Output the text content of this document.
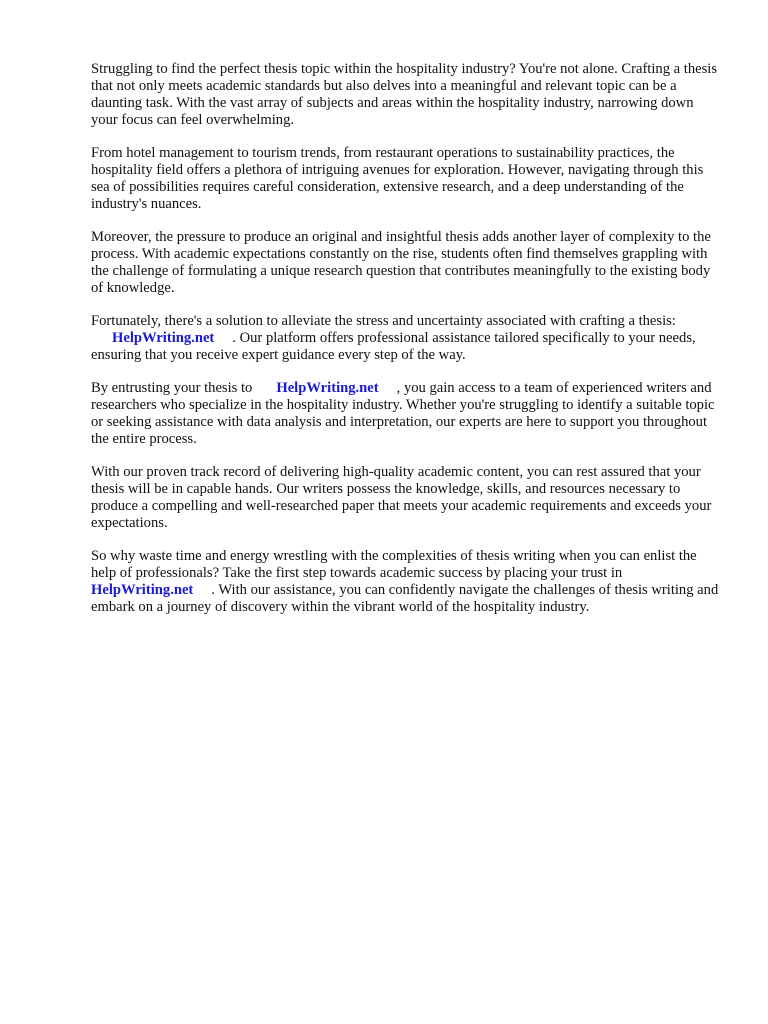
Struggling to find the perfect thesis topic within the hospitality industry? You're not alone. Crafting a thesis that not only meets academic standards but also delves into a meaningful and relevant topic can be a daunting task. With the vast array of subjects and areas within the hospitality industry, narrowing down your focus can feel overwhelming.

From hotel management to tourism trends, from restaurant operations to sustainability practices, the hospitality field offers a plethora of intriguing avenues for exploration. However, navigating through this sea of possibilities requires careful consideration, extensive research, and a deep understanding of the industry's nuances.

Moreover, the pressure to produce an original and insightful thesis adds another layer of complexity to the process. With academic expectations constantly on the rise, students often find themselves grappling with the challenge of formulating a unique research question that contributes meaningfully to the existing body of knowledge.

Fortunately, there's a solution to alleviate the stress and uncertainty associated with crafting a thesis:
HelpWriting.net . Our platform offers professional assistance tailored specifically to your needs, ensuring that you receive expert guidance every step of the way.

By entrusting your thesis to HelpWriting.net , you gain access to a team of experienced writers and researchers who specialize in the hospitality industry. Whether you're struggling to identify a suitable topic or seeking assistance with data analysis and interpretation, our experts are here to support you throughout the entire process.

With our proven track record of delivering high-quality academic content, you can rest assured that your thesis will be in capable hands. Our writers possess the knowledge, skills, and resources necessary to produce a compelling and well-researched paper that meets your academic requirements and exceeds your expectations.

So why waste time and energy wrestling with the complexities of thesis writing when you can enlist the help of professionals? Take the first step towards academic success by placing your trust in
HelpWriting.net . With our assistance, you can confidently navigate the challenges of thesis writing and embark on a journey of discovery within the vibrant world of the hospitality industry.
